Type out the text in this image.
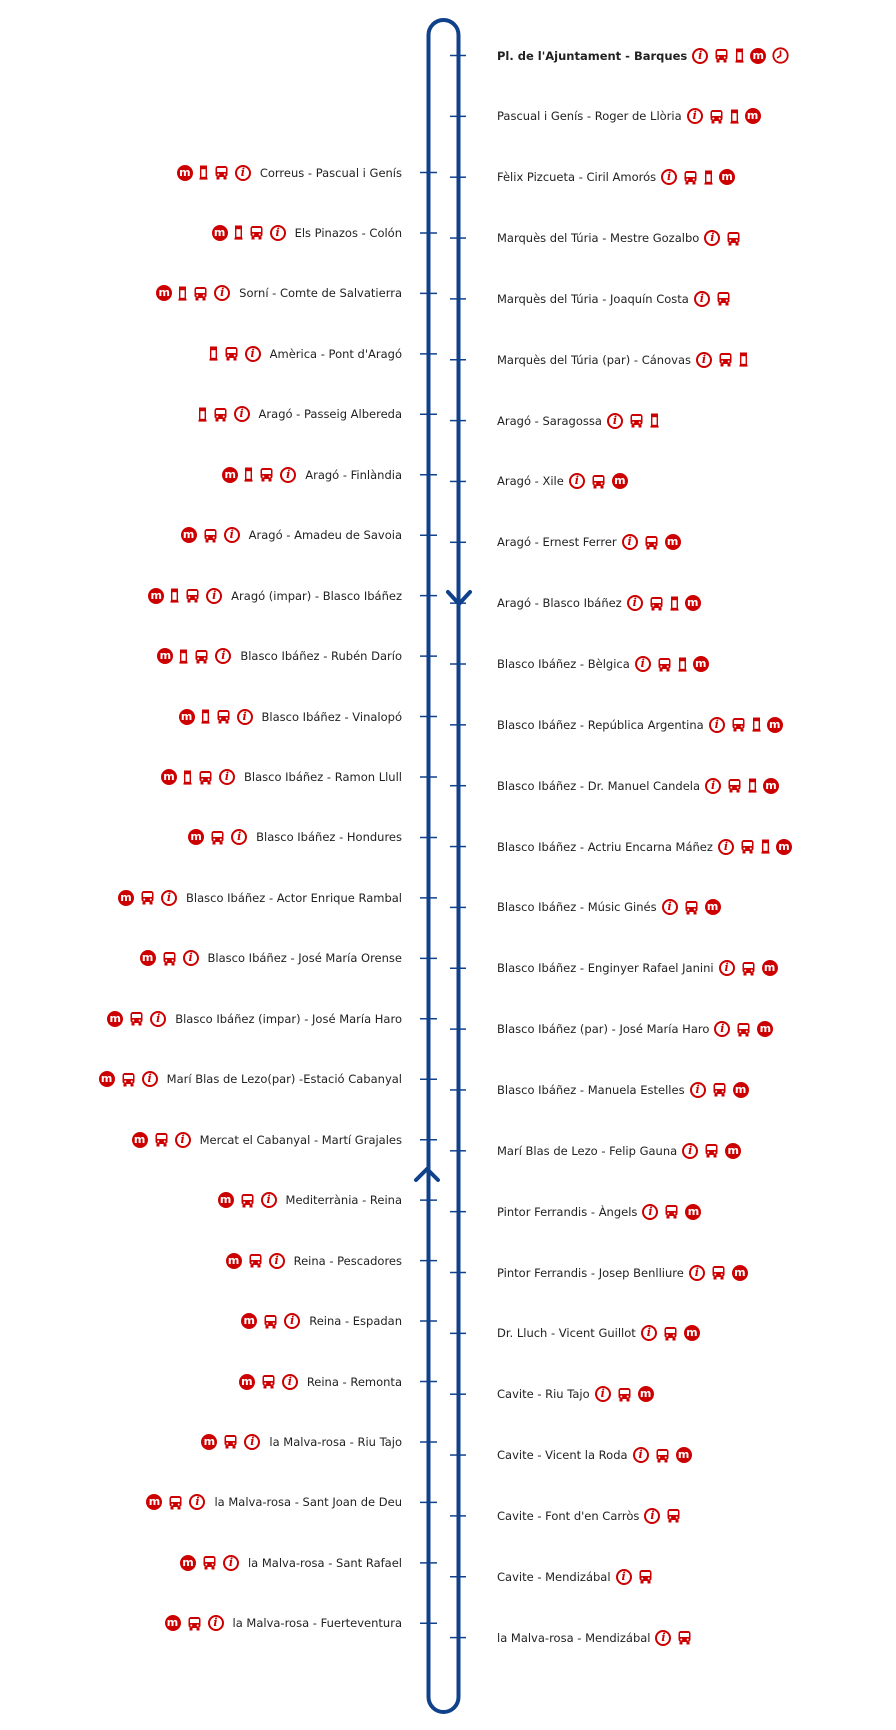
Pl. de l'Ajuntament - Barques i	m
Pascual i Genís - Roger de Llòria i	m
Fèlix Pizcueta - Ciril Amorós i	m
Marquès del Túria - Mestre Gozalbo i
Marquès del Túria - Joaquín Costa i
Marquès del Túria (par) - Cánovas i
Aragó - Saragossa i
Aragó - Xile i	m
Aragó - Ernest Ferrer i	m
Aragó - Blasco Ibáñez i	m
Blasco Ibáñez - Bèlgica i	m
Blasco Ibáñez - República Argentina i	m
Blasco Ibáñez - Dr. Manuel Candela i	m
Blasco Ibáñez - Actriu Encarna Máñez i	m
Blasco Ibáñez - Músic Ginés i	m
Blasco Ibáñez - Enginyer Rafael Janini i	m
Blasco Ibáñez (par) - José María Haro i	m
Blasco Ibáñez - Manuela Estelles i	m
Marí Blas de Lezo - Felip Gauna i	m
Pintor Ferrandis - Àngels i	m
Pintor Ferrandis - Josep Benlliure i	m
Dr. Lluch - Vicent Guillot i	m
Cavite - Riu Tajo i	m
Cavite - Vicent la Roda i	m
Cavite - Font d'en Carròs i
Cavite - Mendizábal i
la Malva-rosa - Mendizábal i
m	i	Correus - Pascual i Genís
m	i	Els Pinazos - Colón
m	i	Sorní - Comte de Salvatierra
i	Amèrica - Pont d'Aragó
i	Aragó - Passeig Albereda
m	i	Aragó - Finlàndia
m	i	Aragó - Amadeu de Savoia
m	i	Aragó (impar) - Blasco Ibáñez
m	i	Blasco Ibáñez - Rubén Darío
m	i	Blasco Ibáñez - Vinalopó
m	i	Blasco Ibáñez - Ramon Llull
m	i	Blasco Ibáñez - Hondures
m	i	Blasco Ibáñez - Actor Enrique Rambal
m	i	Blasco Ibáñez - José María Orense
m	i	Blasco Ibáñez (impar) - José María Haro
m	i	Marí Blas de Lezo(par) -Estació Cabanyal
m	i	Mercat el Cabanyal - Martí Grajales
m	i	Mediterrània - Reina
m	i	Reina - Pescadores
m	i	Reina - Espadan
m	i	Reina - Remonta
m	i	la Malva-rosa - Riu Tajo
m	i	la Malva-rosa - Sant Joan de Deu
m	i	la Malva-rosa - Sant Rafael
m	i	la Malva-rosa - Fuerteventura
